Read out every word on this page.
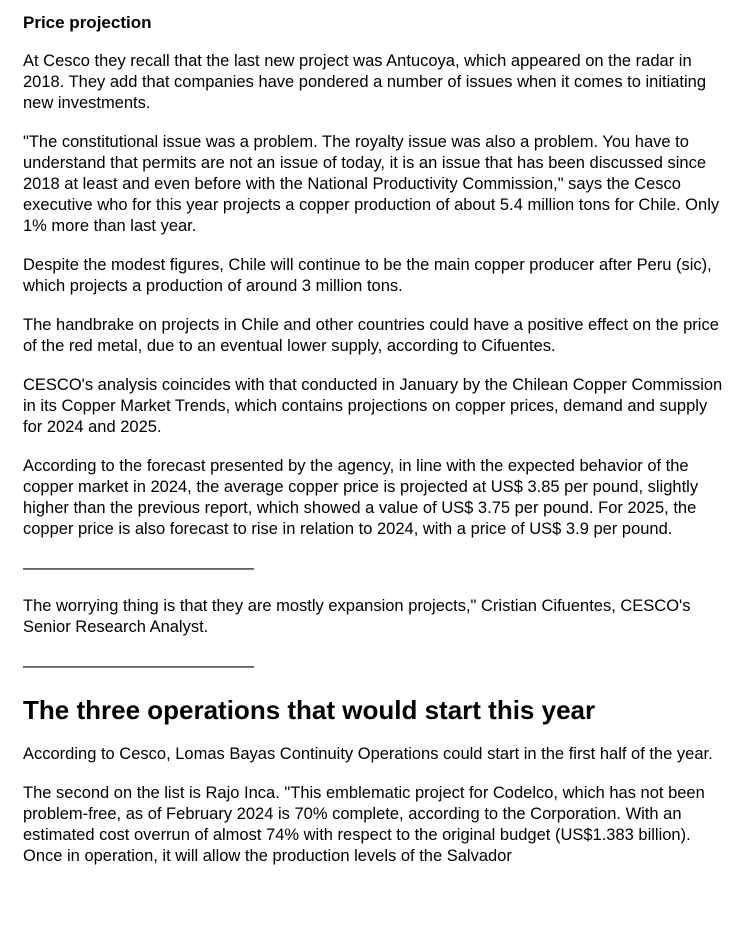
Price projection

At Cesco they recall that the last new project was Antucoya, which appeared on the radar in 2018. They add that companies have pondered a number of issues when it comes to initiating new investments.

"The constitutional issue was a problem. The royalty issue was also a problem. You have to understand that permits are not an issue of today, it is an issue that has been discussed since 2018 at least and even before with the National Productivity Commission," says the Cesco executive who for this year projects a copper production of about 5.4 million tons for Chile. Only 1% more than last year.

Despite the modest figures, Chile will continue to be the main copper producer after Peru (sic), which projects a production of around 3 million tons.

The handbrake on projects in Chile and other countries could have a positive effect on the price of the red metal, due to an eventual lower supply, according to Cifuentes.

CESCO's analysis coincides with that conducted in January by the Chilean Copper Commission in its Copper Market Trends, which contains projections on copper prices, demand and supply for 2024 and 2025.

According to the forecast presented by the agency, in line with the expected behavior of the copper market in 2024, the average copper price is projected at US$ 3.85 per pound, slightly higher than the previous report, which showed a value of US$ 3.75 per pound. For 2025, the copper price is also forecast to rise in relation to 2024, with a price of US$ 3.9 per pound.

——————————————

The worrying thing is that they are mostly expansion projects," Cristian Cifuentes, CESCO's Senior Research Analyst.

——————————————
The three operations that would start this year

According to Cesco, Lomas Bayas Continuity Operations could start in the first half of the year.

The second on the list is Rajo Inca. "This emblematic project for Codelco, which has not been problem-free, as of February 2024 is 70% complete, according to the Corporation. With an estimated cost overrun of almost 74% with respect to the original budget (US$1.383 billion). Once in operation, it will allow the production levels of the Salvador
